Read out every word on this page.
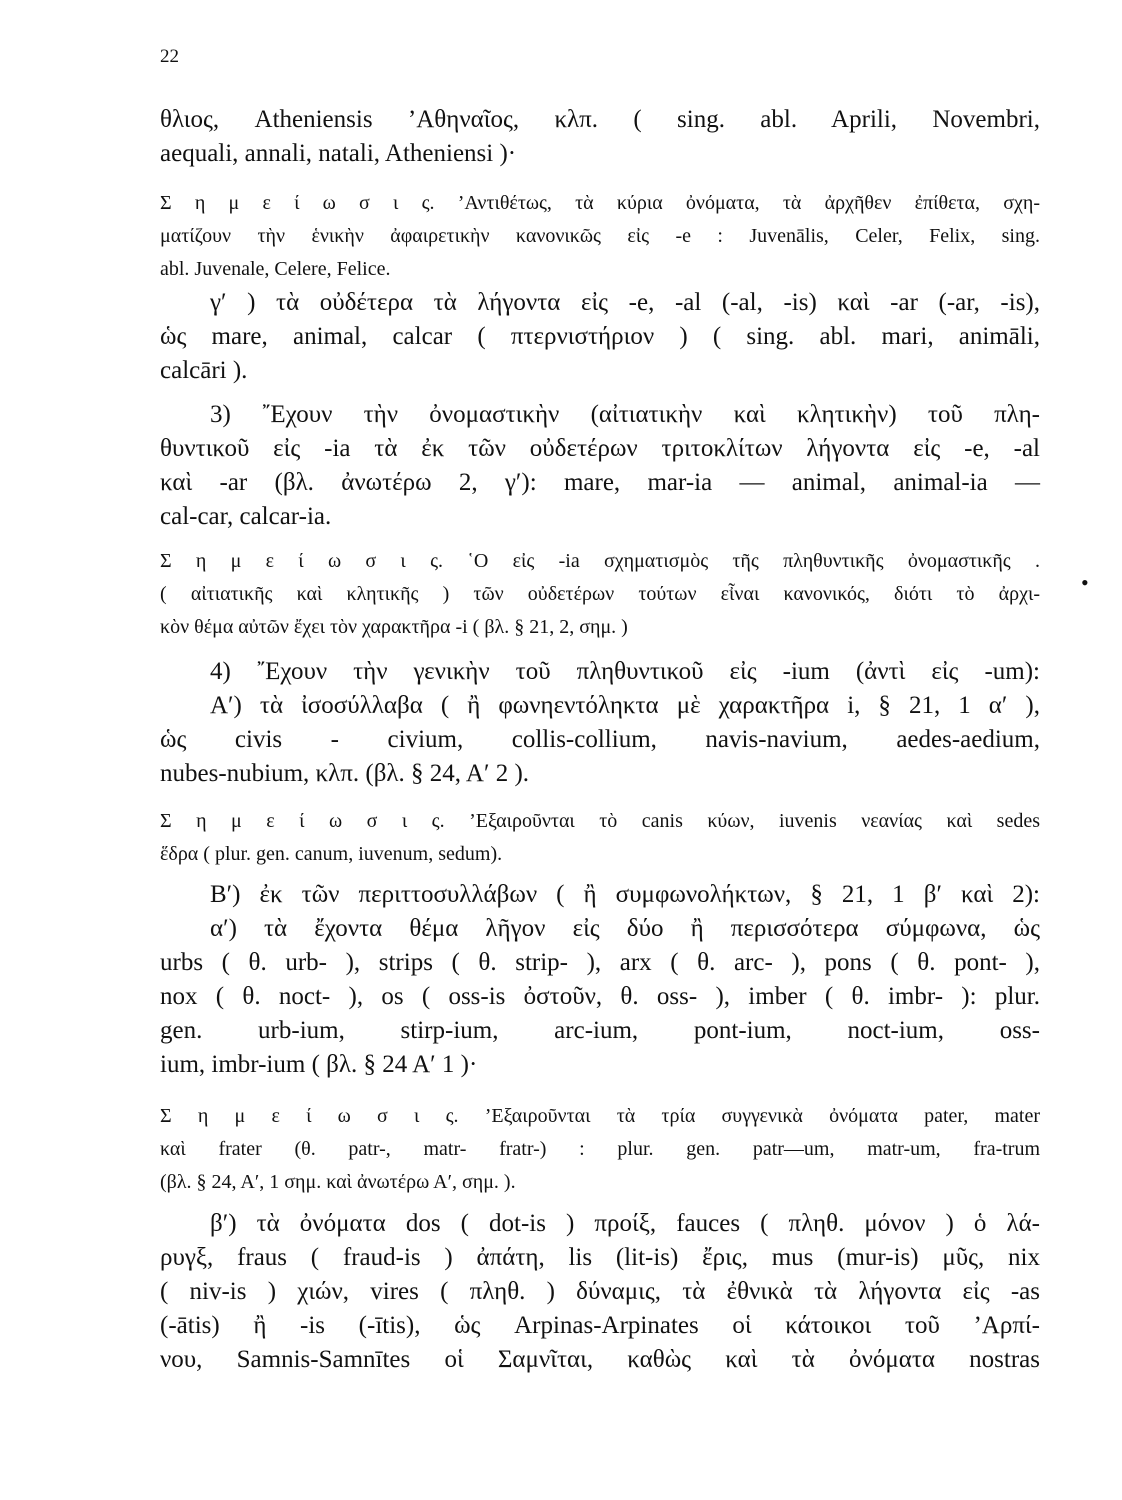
22
θλιος, Atheniensis ’Αθηναῖος, κλπ. ( sing. abl. Aprili, Novembri,
aequali, annali, natali, Atheniensi )·
Σ η μ ε ί ω σ ι ς. ’Αντιθέτως, τὰ κύρια ὀνόματα, τὰ ἀρχῆθεν ἐπίθετα, σχη-
ματίζουν τὴν ἑνικὴν ἀφαιρετικὴν κανονικῶς εἰς -e : Juvenālis, Celer, Felix, sing.
abl. Juvenale, Celere, Felice.
γ′ ) τὰ οὐδέτερα τὰ λήγοντα εἰς -e, -al (-al, -is) καὶ -ar (-ar, -is),
ὡς mare, animal, calcar ( πτερνιστήριον ) ( sing. abl. mari, animāli,
calcāri ).
3) ῎Εχουν τὴν ὀνομαστικὴν (αἰτιατικὴν καὶ κλητικὴν) τοῦ πλη-
θυντικοῦ εἰς -ia τὰ ἐκ τῶν οὐδετέρων τριτοκλίτων λήγοντα εἰς -e, -al
καὶ -ar (βλ. ἀνωτέρω 2, γ′): mare, mar-ia — animal, animal-ia —
cal-car, calcar-ia.
Σ η μ ε ί ω σ ι ς. ῾Ο εἰς -ia σχηματισμὸς τῆς πληθυντικῆς ὀνομαστικῆς .
( αἰτιατικῆς καὶ κλητικῆς ) τῶν οὐδετέρων τούτων εἶναι κανονικός, διότι τὸ ἀρχι-
κὸν θέμα αὐτῶν ἔχει τὸν χαρακτῆρα -i ( βλ. § 21, 2, σημ. )
4) ῎Εχουν τὴν γενικὴν τοῦ πληθυντικοῦ εἰς -ium (ἀντὶ εἰς -um):
Α′) τὰ ἰσοσύλλαβα ( ἢ φωνηεντόληκτα μὲ χαρακτῆρα i, § 21, 1 α′ ),
ὡς civis - civium, collis-collium, navis-navium, aedes-aedium,
nubes-nubium, κλπ. (βλ. § 24, Α′ 2 ).
Σ η μ ε ί ω σ ι ς. ’Εξαιροῦνται τὸ canis κύων, iuvenis νεανίας καὶ sedes
ἕδρα ( plur. gen. canum, iuvenum, sedum).
Β′) ἐκ τῶν περιττοσυλλάβων ( ἢ συμφωνολήκτων, § 21, 1 β′ καὶ 2):
α′) τὰ ἔχοντα θέμα λῆγον εἰς δύο ἢ περισσότερα σύμφωνα, ὡς
urbs ( θ. urb- ), strips ( θ. strip- ), arx ( θ. arc- ), pons ( θ. pont- ),
nox ( θ. noct- ), os ( oss-is ὀστοῦν, θ. oss- ), imber ( θ. imbr- ): plur.
gen. urb-ium, stirp-ium, arc-ium, pont-ium, noct-ium, oss-
ium, imbr-ium ( βλ. § 24 Α′ 1 )·
Σ η μ ε ί ω σ ι ς. ’Εξαιροῦνται τὰ τρία συγγενικὰ ὀνόματα pater, mater
καὶ frater (θ. patr-, matr- fratr-) : plur. gen. patr—um, matr-um, fra-trum
(βλ. § 24, Α′, 1 σημ. καὶ ἀνωτέρω Α′, σημ. ).
β′) τὰ ὀνόματα dos ( dot-is ) προίξ, fauces ( πληθ. μόνον ) ὁ λά-
ρυγξ, fraus ( fraud-is ) ἀπάτη, lis (lit-is) ἔρις, mus (mur-is) μῦς, nix
( niv-is ) χιών, vires ( πληθ. ) δύναμις, τὰ ἐθνικὰ τὰ λήγοντα εἰς -as
(-ātis) ἢ -is (-ītis), ὡς Arpinas-Arpinates οἱ κάτοικοι τοῦ ’Αρπί-
νου, Samnis-Samnītes οἱ Σαμνῖται, καθὼς καὶ τὰ ὀνόματα nostras
•
